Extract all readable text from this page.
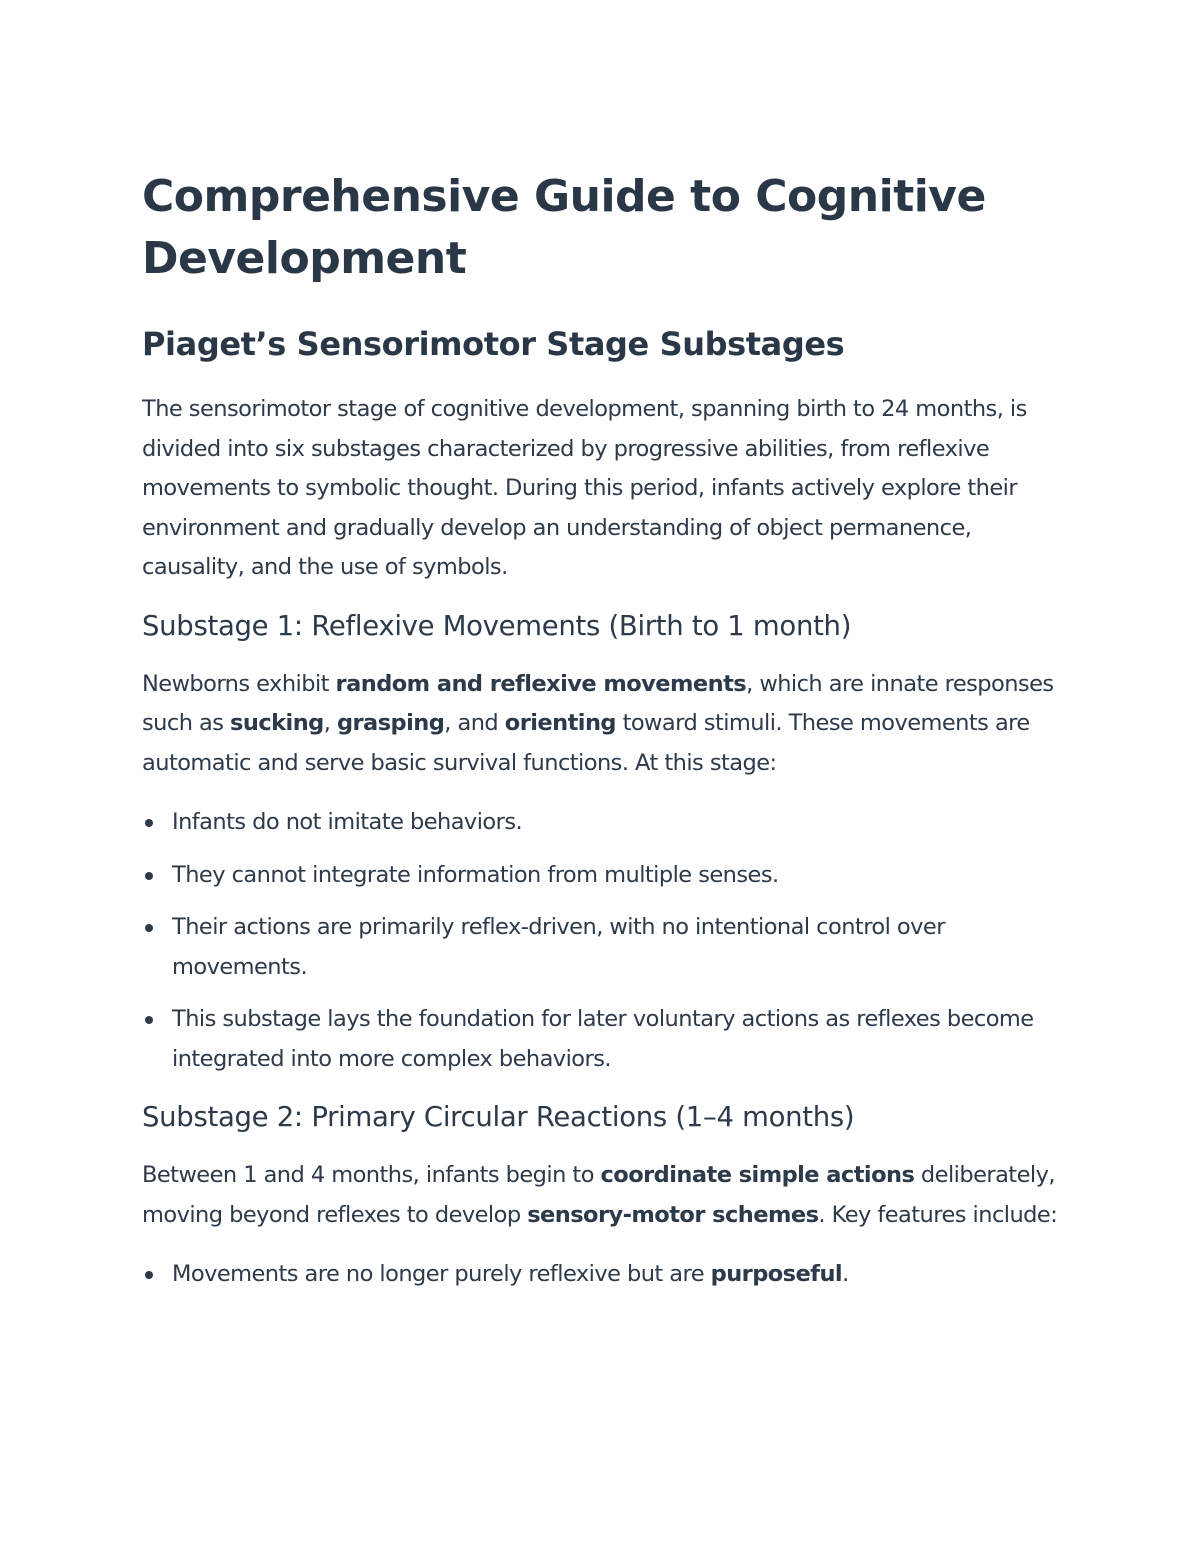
Comprehensive Guide to Cognitive Development
Piaget’s Sensorimotor Stage Substages

The sensorimotor stage of cognitive development, spanning birth to 24 months, is divided into six substages characterized by progressive abilities, from reflexive movements to symbolic thought. During this period, infants actively explore their environment and gradually develop an understanding of object permanence, causality, and the use of symbols.

Substage 1: Reflexive Movements (Birth to 1 month)

Newborns exhibit random and reflexive movements, which are innate responses such as sucking, grasping, and orienting toward stimuli. These movements are automatic and serve basic survival functions. At this stage:

Infants do not imitate behaviors.
They cannot integrate information from multiple senses.
Their actions are primarily reflex-driven, with no intentional control over movements.
This substage lays the foundation for later voluntary actions as reflexes become integrated into more complex behaviors.
Substage 2: Primary Circular Reactions (1–4 months)

Between 1 and 4 months, infants begin to coordinate simple actions deliberately, moving beyond reflexes to develop sensory-motor schemes. Key features include:

Movements are no longer purely reflexive but are purposeful.
